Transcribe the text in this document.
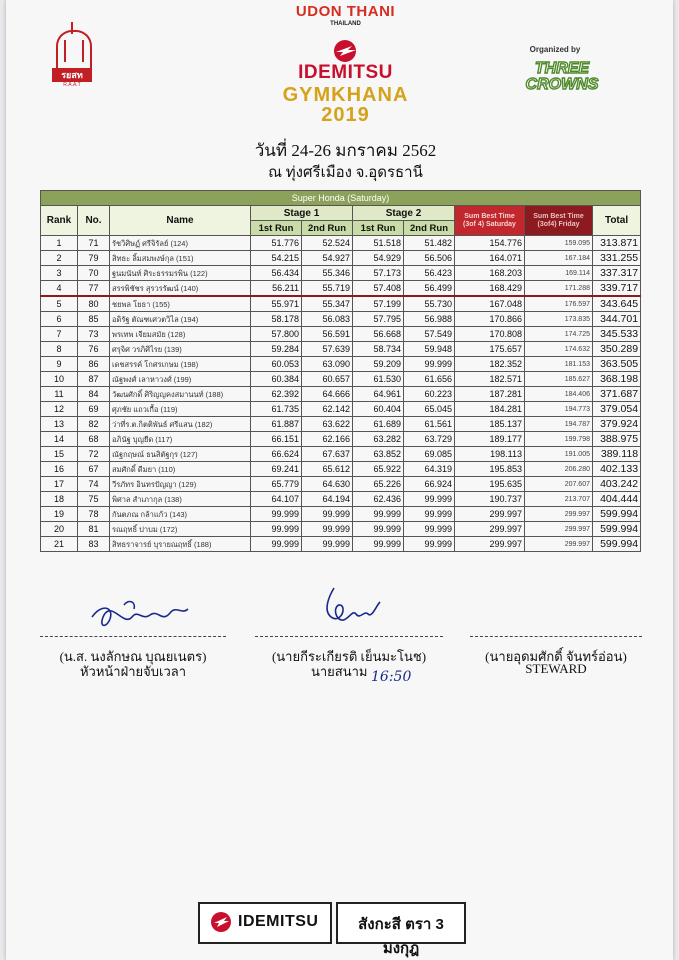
รยสท
R.A.A.T
UDON THANI
THAILAND
IDEMITSU
GYMKHANA
2019
Organized by
THREE
CROWNS
วันที่ 24-26 มกราคม 2562
ณ ทุ่งศรีเมือง จ.อุดรธานี
Super Honda (Saturday)									
Rank	No.	Name	Stage 1		Stage 2		Sum Best Time (3of 4) Saturday	Sum Best Time (3of4) Friday	Total
			1st Run	2nd Run	1st Run	2nd Run			
1	71	รัชวิศิษฏ์ ศรีจิรัลย์ (124)	51.776	52.524	51.518	51.482	154.776	159.095	313.871
2	79	สิทธะ ลิ้มสมพงษ์กุล (151)	54.215	54.927	54.929	56.506	164.071	167.184	331.255
3	70	ฐนมนันท์ ศิระธรรมรพิน (122)	56.434	55.346	57.173	56.423	168.203	169.114	337.317
4	77	สรรพิชัชร สุรวรรัฒน์ (140)	56.211	55.719	57.408	56.499	168.429	171.288	339.717
5	80	ชยพล โยธา (155)	55.971	55.347	57.199	55.730	167.048	176.597	343.645
6	85	อดิรัฐ ตัณฑเศวตวิไล (194)	58.178	56.083	57.795	56.988	170.866	173.835	344.701
7	73	พรเทพ เจียมสมัย (128)	57.800	56.591	56.668	57.549	170.808	174.725	345.533
8	76	ศรุจิศ วรภิศิไรย (139)	59.284	57.639	58.734	59.948	175.657	174.632	350.289
9	86	เดชสรรค์ โกศรเกษม (198)	60.053	63.090	59.209	99.999	182.352	181.153	363.505
10	87	ณัฐพงศ์ เลาหาวงศ์ (199)	60.384	60.657	61.530	61.656	182.571	185.627	368.198
11	84	วัฒนศักดิ์ ศิริญญคงสมานนท์ (188)	62.392	64.666	64.961	60.223	187.281	184.406	371.687
12	69	ศุภชัย แถวเกื้อ (119)	61.735	62.142	60.404	65.045	184.281	194.773	379.054
13	82	ว่าที่ร.ต.กิตติพันธ์ ศรีแสน (182)	61.887	63.622	61.689	61.561	185.137	194.787	379.924
14	68	อภินัฐ บุญยืด (117)	66.151	62.166	63.282	63.729	189.177	199.798	388.975
15	72	ณัฐกฤษณ์ ธนสิตัฐกุร (127)	66.624	67.637	63.852	69.085	198.113	191.005	389.118
16	67	สมศักดิ์ ดีมยา (110)	69.241	65.612	65.922	64.319	195.853	206.280	402.133
17	74	วีรภัทร อินทรปัญญา (129)	65.779	64.630	65.226	66.924	195.635	207.607	403.242
18	75	พิศาล สำเภากุล (138)	64.107	64.194	62.436	99.999	190.737	213.707	404.444
19	78	กันตภณ กล้าแก้ว (143)	99.999	99.999	99.999	99.999	299.997	299.997	599.994
20	81	รณฤทธิ์ ปาบม (172)	99.999	99.999	99.999	99.999	299.997	299.997	599.994
21	83	สิทธราจารย์ บุรายณฤทธิ์ (188)	99.999	99.999	99.999	99.999	299.997	299.997	599.994
(น.ส. นงลักษณ บุณยเนตร)
หัวหน้าฝ่ายจับเวลา
(นายกีระเกียรติ เย็นมะโนช)
นายสนาม
(นายอุดมศักดิ์ จันทร์อ่อน)
STEWARD
16:50
IDEMITSU	สังกะสี ตรา 3 มงกุฎ
